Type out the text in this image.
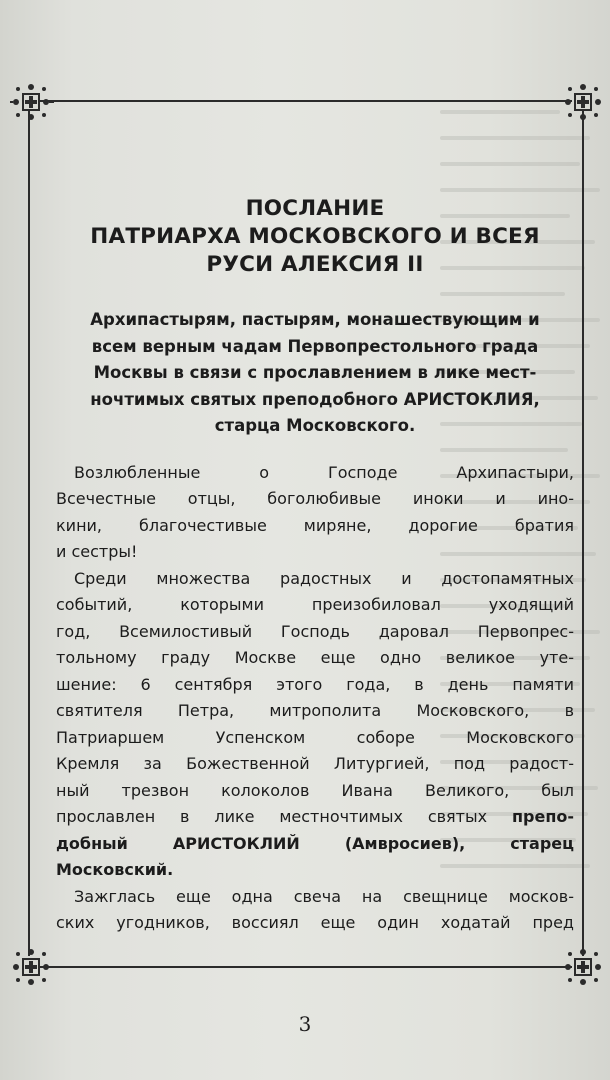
ПОСЛАНИЕ
ПАТРИАРХА МОСКОВСКОГО И ВСЕЯ
РУСИ АЛЕКСИЯ II
Архипастырям, пастырям, монашествующим и
всем верным чадам Первопрестольного града
Москвы в связи с прославлением в лике мест-
ночтимых святых преподобного АРИСТОКЛИЯ,
старца Московского.

Возлюбленные о Господе Архипастыри,
Всечестные отцы, боголюбивые иноки и ино-
кини, благочестивые миряне, дорогие братия
и сестры!

Среди множества радостных и достопамятных
событий, которыми преизобиловал уходящий
год, Всемилостивый Господь даровал Первопрес-
тольному граду Москве еще одно великое уте-
шение: 6 сентября этого года, в день памяти
святителя Петра, митрополита Московского, в
Патриаршем Успенском соборе Московского
Кремля за Божественной Литургией, под радост-
ный трезвон колоколов Ивана Великого, был
прославлен в лике местночтимых святых препо-
добный АРИСТОКЛИЙ (Амвросиев), старец
Московский.

Зажглась еще одна свеча на свещнице москов-
ских угодников, воссиял еще один ходатай пред

3
